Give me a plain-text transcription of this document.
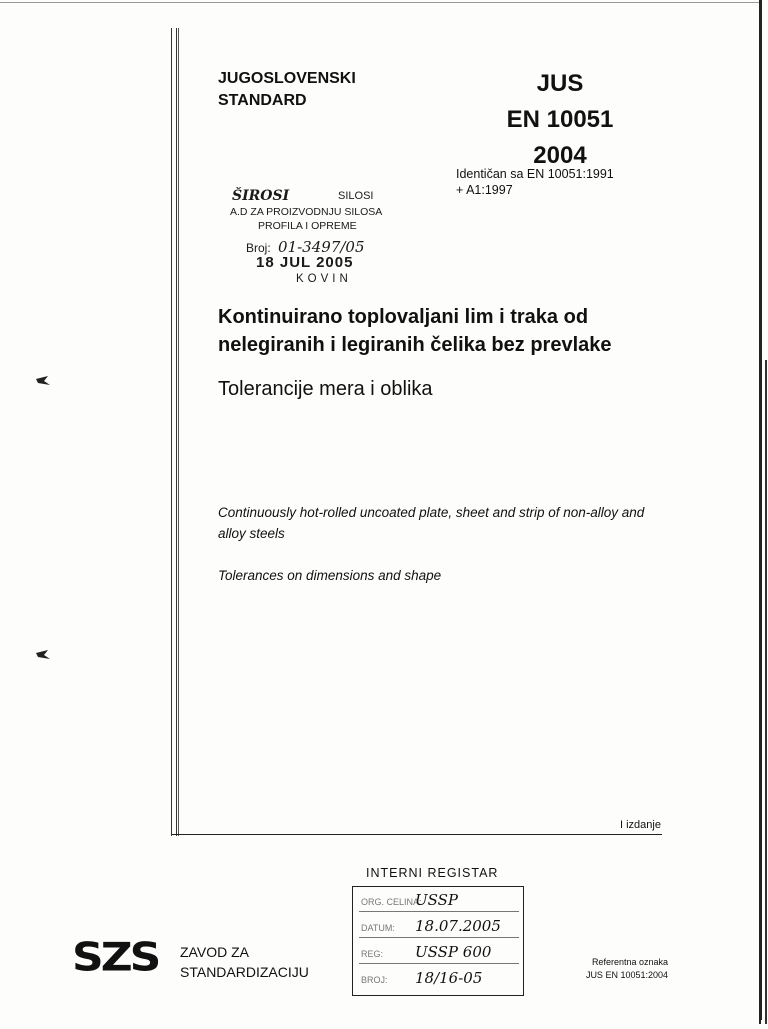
JUGOSLOVENSKI
STANDARD
JUS
EN 10051
2004
Identičan sa EN 10051:1991
+ A1:1997
ŠIROSI	SILOSI
A.D ZA PROIZVODNJU SILOSA
PROFILA I OPREME
Broj: 01-3497/05
18 JUL 2005
KOVIN
Kontinuirano toplovaljani lim i traka od
nelegiranih i legiranih čelika bez prevlake
Tolerancije mera i oblika
Continuously hot-rolled uncoated plate, sheet and strip of non-alloy and alloy steels
Tolerances on dimensions and shape
I izdanje
INTERNI REGISTAR
ORG. CELINA:
USSP
DATUM: 18.07.2005
REG: USSP 600
BROJ: 18/16-05
SZS ZAVOD ZA
STANDARDIZACIJU
Referentna oznaka
JUS EN 10051:2004
